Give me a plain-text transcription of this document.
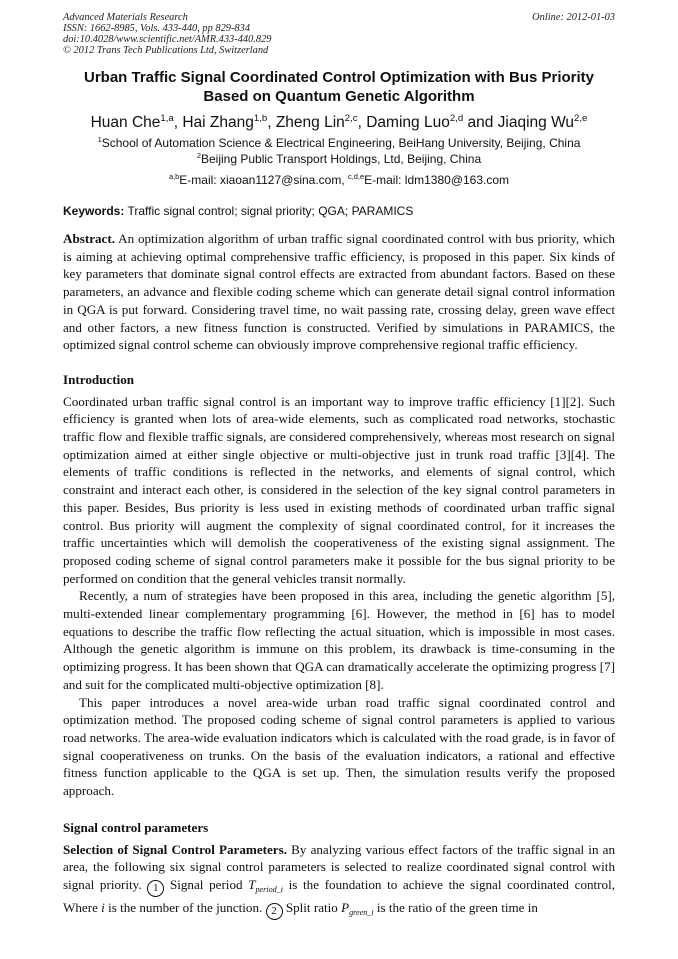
Advanced Materials Research
ISSN: 1662-8985, Vols. 433-440, pp 829-834
doi:10.4028/www.scientific.net/AMR.433-440.829
© 2012 Trans Tech Publications Ltd, Switzerland
Online: 2012-01-03
Urban Traffic Signal Coordinated Control Optimization with Bus Priority Based on Quantum Genetic Algorithm
Huan Che$^{1,a}$, Hai Zhang$^{1,b}$, Zheng Lin$^{2,c}$, Daming Luo$^{2,d}$ and Jiaqing Wu$^{2,e}$
$^1$School of Automation Science & Electrical Engineering, BeiHang University, Beijing, China
$^2$Beijing Public Transport Holdings, Ltd, Beijing, China
$^{a,b}$E-mail: xiaoan1127@sina.com, $^{c,d,e}$E-mail: ldm1380@163.com
Keywords: Traffic signal control; signal priority; QGA; PARAMICS
Abstract. An optimization algorithm of urban traffic signal coordinated control with bus priority, which is aiming at achieving optimal comprehensive traffic efficiency, is proposed in this paper. Six kinds of key parameters that dominate signal control effects are extracted from abundant factors. Based on these parameters, an advance and flexible coding scheme which can generate detail signal control information in QGA is put forward. Considering travel time, no wait passing rate, crossing delay, green wave effect and other factors, a new fitness function is constructed. Verified by simulations in PARAMICS, the optimized signal control scheme can obviously improve comprehensive regional traffic efficiency.
Introduction
Coordinated urban traffic signal control is an important way to improve traffic efficiency [1][2]. Such efficiency is granted when lots of area-wide elements, such as complicated road networks, stochastic traffic flow and flexible traffic signals, are considered comprehensively, whereas most research on signal optimization aimed at either single objective or multi-objective just in trunk road traffic [3][4]. The elements of traffic conditions is reflected in the networks, and elements of signal control, which constraint and interact each other, is considered in the selection of the key signal control parameters in this paper. Besides, Bus priority is less used in existing methods of coordinated urban traffic signal control. Bus priority will augment the complexity of signal coordinated control, for it increases the traffic uncertainties which will demolish the cooperativeness of the existing signal assignment. The proposed coding scheme of signal control parameters make it possible for the bus signal priority to be performed on condition that the general vehicles transit normally.
Recently, a num of strategies have been proposed in this area, including the genetic algorithm [5], multi-extended linear complementary programming [6]. However, the method in [6] has to model equations to describe the traffic flow reflecting the actual situation, which is impossible in most cases. Although the genetic algorithm is immune on this problem, its drawback is time-consuming in the optimizing progress. It has been shown that QGA can dramatically accelerate the optimizing progress [7] and suit for the complicated multi-objective optimization [8].
This paper introduces a novel area-wide urban road traffic signal coordinated control and optimization method. The proposed coding scheme of signal control parameters is applied to various road networks. The area-wide evaluation indicators which is calculated with the road grade, is in favor of signal cooperativeness on trunks. On the basis of the evaluation indicators, a rational and effective fitness function applicable to the QGA is set up. Then, the simulation results verify the proposed approach.
Signal control parameters
Selection of Signal Control Parameters. By analyzing various effect factors of the traffic signal in an area, the following six signal control parameters is selected to realize coordinated signal control with signal priority. 1 Signal period $T_{period\_i}$ is the foundation to achieve the signal coordinated control, Where i is the number of the junction. 2 Split ratio $P_{green\_i}$ is the ratio of the green time in
